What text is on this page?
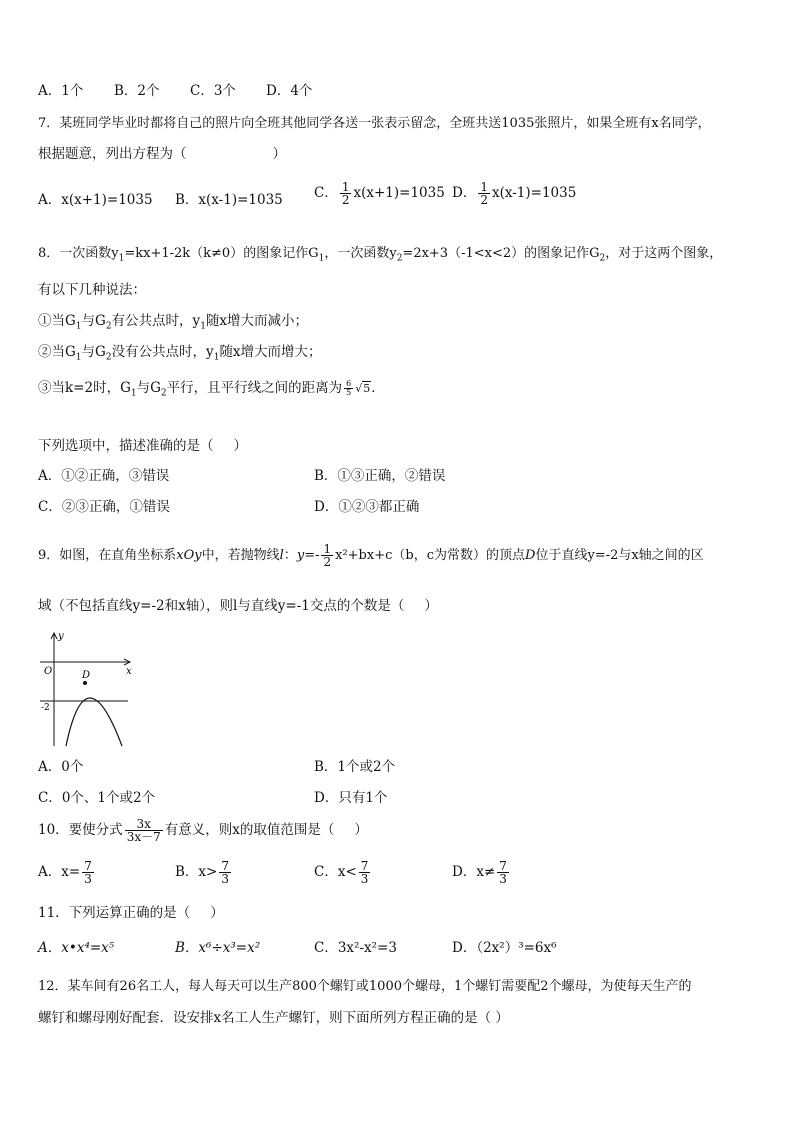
A．1个 B．2个 C．3个 D．4个
7．某班同学毕业时都将自己的照片向全班其他同学各送一张表示留念，全班共送1035张照片，如果全班有x名同学，
根据题意，列出方程为（	）
A．x(x+1)=1035 B．x(x-1)=1035 C． $\frac{1}{2} x(x+1)=1035$ D． $\frac{1}{2} x(x-1)=1035$
8．一次函数$y_1=kx+1-2k(k\ne 0)$的图象记作$G_1$，一次函数$y_2=2x+3(-1<x<2)$的图象记作$G_2$，对于这两个图象，
有以下几种说法：
①当$G_1$与$G_2$有公共点时，$y_1$随x增大而减小；
②当$G_1$与$G_2$没有公共点时，$y_1$随x增大而增大；
③当k=2时，$G_1$与$G_2$平行，且平行线之间的距离为 $\frac{6}{5} √5$．
下列选项中，描述准确的是（ ）
A．①②正确，③错误	B．①③正确，②错误
C．②③正确，①错误	D．①②③都正确
9．如图，在直角坐标系xOy中，若抛物线l：$y=- \frac{1}{2} x^2+bx+c(b$，c为常数）的顶点D位于直线y=-2与x轴之间的区
域（不包括直线y=-2和x轴），则l与直线y=-1交点的个数是（ ）
y
x
O	D
-2
A．0个	B．1个或2个
C．0个、1个或2个	D．只有1个
10．要使分式 $\frac{3x}{3x-7}$ 有意义，则x的取值范围是（ ）
A．$x= \frac{7}{3}$	B．$x> \frac{7}{3}$	C．$x< \frac{7}{3}$	D．$x\ne \frac{7}{3}$
11．下列运算正确的是（ ）
A．x•x⁴=x⁵	B．x⁶÷x³=x²	C．3x²-x²=3	D．（2x²）³=6x⁶
12．某车间有26名工人，每人每天可以生产800个螺钉或1000个螺母，1个螺钉需要配2个螺母，为使每天生产的
螺钉和螺母刚好配套．设安排x名工人生产螺钉，则下面所列方程正确的是（ ）
